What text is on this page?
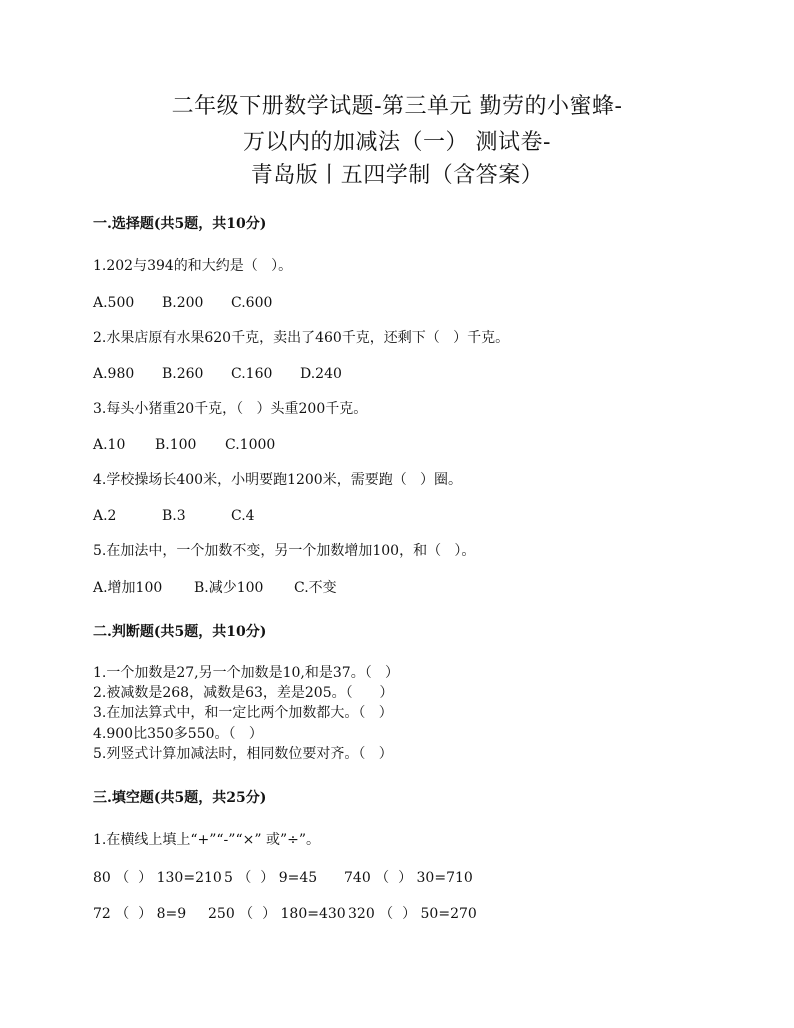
二年级下册数学试题-第三单元 勤劳的小蜜蜂-
万以内的加减法（一） 测试卷-
青岛版丨五四学制（含答案）
一.选择题(共5题，共10分)
1.202与394的和大约是（   ）。
A.500 B.200 C.600
2.水果店原有水果620千克，卖出了460千克，还剩下（   ）千克。
A.980 B.260 C.160 D.240
3.每头小猪重20千克，（   ）头重200千克。
A.10 B.100 C.1000
4.学校操场长400米，小明要跑1200米，需要跑（   ）圈。
A.2	B.3	C.4
5.在加法中，一个加数不变，另一个加数增加100，和（   ）。
A.增加100 B.减少100 C.不变
二.判断题(共5题，共10分)
1.一个加数是27,另一个加数是10,和是37。（   ）
2.被减数是268，减数是63，差是205。（      ）
3.在加法算式中，和一定比两个加数都大。（   ）
4.900比350多550。（   ）
5.列竖式计算加减法时，相同数位要对齐。（   ）
三.填空题(共5题，共25分)
1.在横线上填上“+”“-”“×” 或”÷”。
80 （  ） 130=210 5 （  ） 9=45 740 （  ） 30=710
72 （  ） 8=9 250 （  ） 180=430 320 （  ） 50=270
